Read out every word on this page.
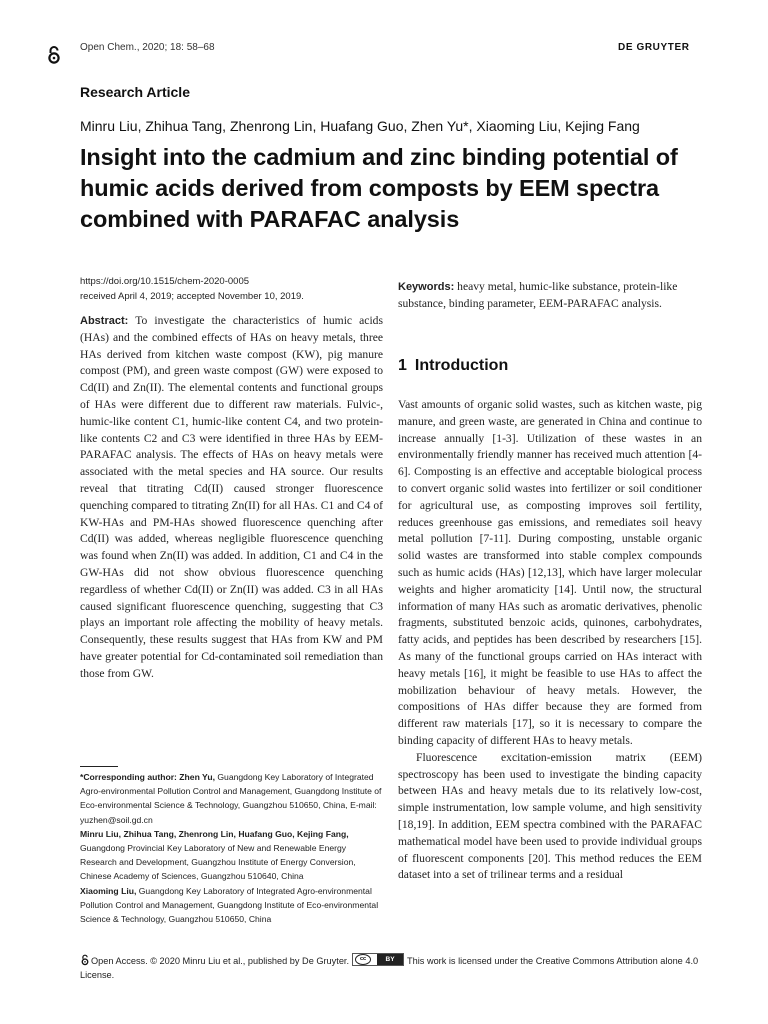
Open Chem., 2020; 18: 58–68	DE GRUYTER
Research Article
Minru Liu, Zhihua Tang, Zhenrong Lin, Huafang Guo, Zhen Yu*, Xiaoming Liu, Kejing Fang
Insight into the cadmium and zinc binding potential of humic acids derived from composts by EEM spectra combined with PARAFAC analysis
https://doi.org/10.1515/chem-2020-0005
received April 4, 2019; accepted November 10, 2019.
Abstract: To investigate the characteristics of humic acids (HAs) and the combined effects of HAs on heavy metals, three HAs derived from kitchen waste compost (KW), pig manure compost (PM), and green waste compost (GW) were exposed to Cd(II) and Zn(II). The elemental contents and functional groups of HAs were different due to different raw materials. Fulvic-, humic-like content C1, humic-like content C4, and two protein-like contents C2 and C3 were identified in three HAs by EEM-PARAFAC analysis. The effects of HAs on heavy metals were associated with the metal species and HA source. Our results reveal that titrating Cd(II) caused stronger fluorescence quenching compared to titrating Zn(II) for all HAs. C1 and C4 of KW-HAs and PM-HAs showed fluorescence quenching after Cd(II) was added, whereas negligible fluorescence quenching was found when Zn(II) was added. In addition, C1 and C4 in the GW-HAs did not show obvious fluorescence quenching regardless of whether Cd(II) or Zn(II) was added. C3 in all HAs caused significant fluorescence quenching, suggesting that C3 plays an important role affecting the mobility of heavy metals. Consequently, these results suggest that HAs from KW and PM have greater potential for Cd-contaminated soil remediation than those from GW.
Keywords: heavy metal, humic-like substance, protein-like substance, binding parameter, EEM-PARAFAC analysis.
1 Introduction

Vast amounts of organic solid wastes, such as kitchen waste, pig manure, and green waste, are generated in China and continue to increase annually [1-3]. Utilization of these wastes in an environmentally friendly manner has received much attention [4-6]. Composting is an effective and acceptable biological process to convert organic solid wastes into fertilizer or soil conditioner for agricultural use, as composting improves soil fertility, reduces greenhouse gas emissions, and remediates soil heavy metal pollution [7-11]. During composting, unstable organic solid wastes are transformed into stable complex compounds such as humic acids (HAs) [12,13], which have larger molecular weights and higher aromaticity [14]. Until now, the structural information of many HAs such as aromatic derivatives, phenolic fragments, substituted benzoic acids, quinones, carbohydrates, fatty acids, and peptides has been described by researchers [15]. As many of the functional groups carried on HAs interact with heavy metals [16], it might be feasible to use HAs to affect the mobilization behaviour of heavy metals. However, the compositions of HAs differ because they are formed from different raw materials [17], so it is necessary to compare the binding capacity of different HAs to heavy metals.

Fluorescence excitation-emission matrix (EEM) spectroscopy has been used to investigate the binding capacity between HAs and heavy metals due to its relatively low-cost, simple instrumentation, low sample volume, and high sensitivity [18,19]. In addition, EEM spectra combined with the PARAFAC mathematical model have been used to provide individual groups of fluorescent components [20]. This method reduces the EEM dataset into a set of trilinear terms and a residual

*Corresponding author: Zhen Yu, Guangdong Key Laboratory of Integrated Agro-environmental Pollution Control and Management, Guangdong Institute of Eco-environmental Science & Technology, Guangzhou 510650, China, E-mail: yuzhen@soil.gd.cn
Minru Liu, Zhihua Tang, Zhenrong Lin, Huafang Guo, Kejing Fang, Guangdong Provincial Key Laboratory of New and Renewable Energy Research and Development, Guangzhou Institute of Energy Conversion, Chinese Academy of Sciences, Guangzhou 510640, China
Xiaoming Liu, Guangdong Key Laboratory of Integrated Agro-environmental Pollution Control and Management, Guangdong Institute of Eco-environmental Science & Technology, Guangzhou 510650, China
Open Access. © 2020 Minru Liu et al., published by De Gruyter.	cc	BY	This work is licensed under the Creative Commons Attribution alone 4.0 License.
